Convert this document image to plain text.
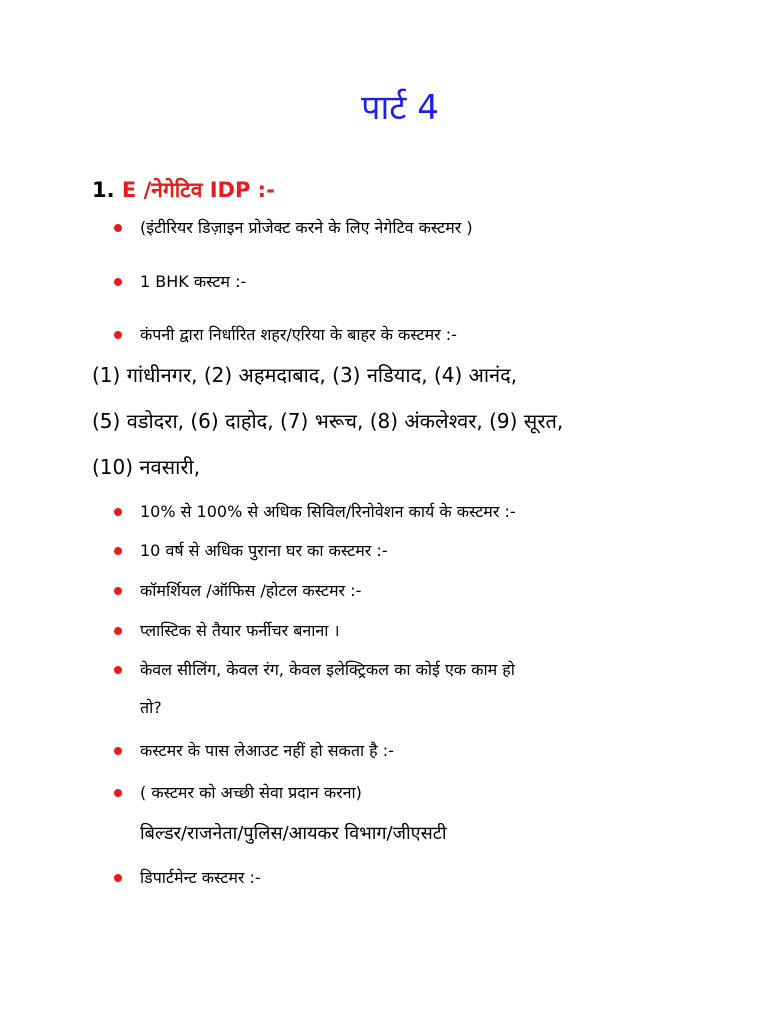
पार्ट 4
1. E /नेगेटिव IDP :-
(इंटीरियर डिज़ाइन प्रोजेक्ट करने के लिए नेगेटिव कस्टमर )
1 BHK कस्टम :-
कंपनी द्वारा निर्धारित शहर/एरिया के बाहर के कस्टमर :-
(1) गांधीनगर, (2) अहमदाबाद, (3) नडियाद, (4) आनंद,
(5) वडोदरा, (6) दाहोद, (7) भरूच, (8) अंकलेश्वर, (9) सूरत,
(10) नवसारी,
10% से 100% से अधिक सिविल/रिनोवेशन कार्य के कस्टमर :-
10 वर्ष से अधिक पुराना घर का कस्टमर :-
कॉमर्शियल /ऑफिस /होटल कस्टमर :-
प्लास्टिक से तैयार फर्नीचर बनाना ।
केवल सीलिंग, केवल रंग, केवल इलेक्ट्रिकल का कोई एक काम हो
तो?
कस्टमर के पास लेआउट नहीं हो सकता है :-
( कस्टमर को अच्छी सेवा प्रदान करना)
बिल्डर/राजनेता/पुलिस/आयकर विभाग/जीएसटी
डिपार्टमेन्ट कस्टमर :-
